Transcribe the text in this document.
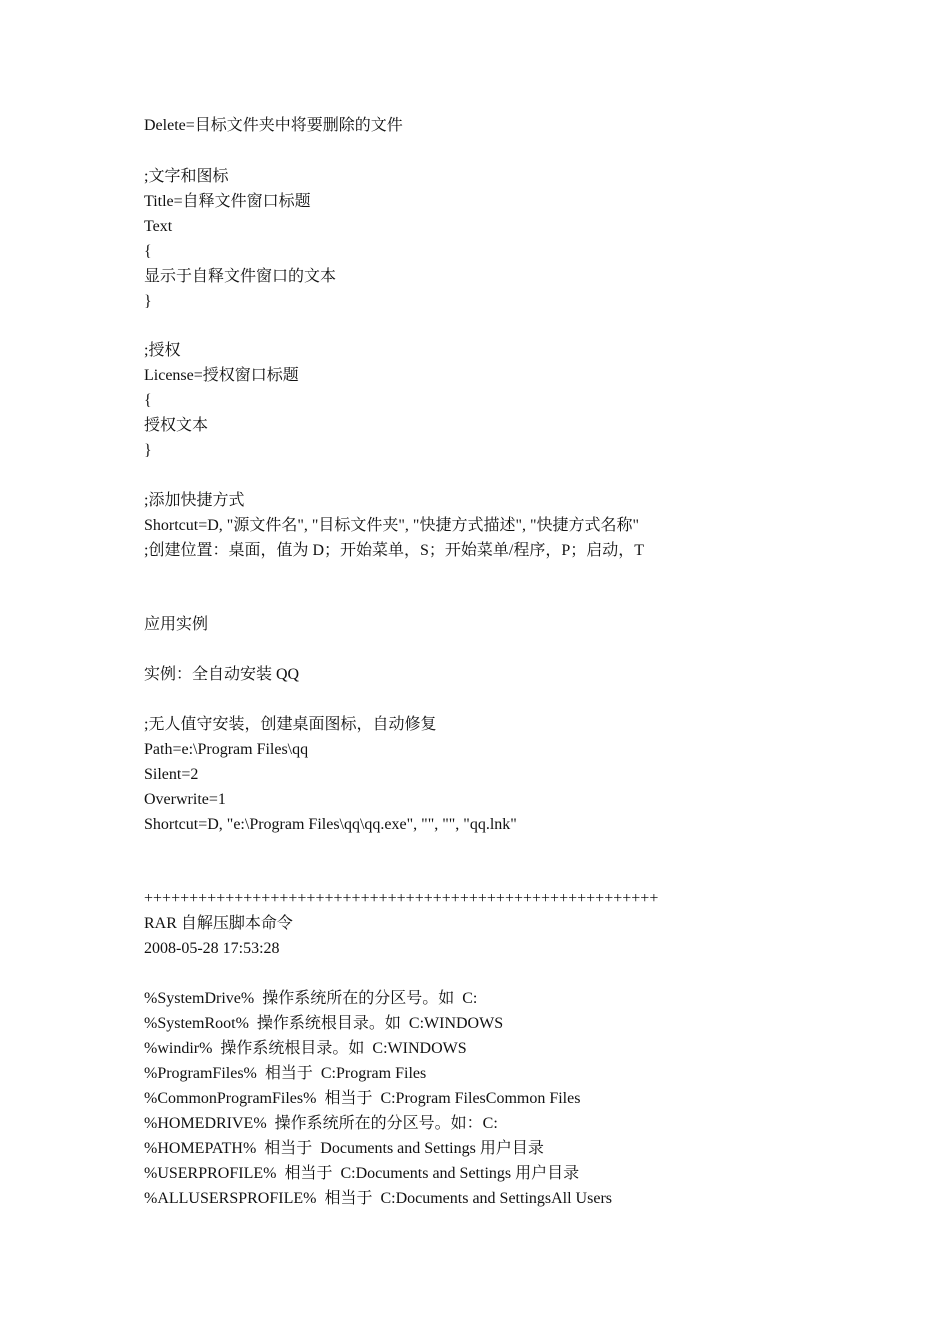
Delete=目标文件夹中将要删除的文件
;文字和图标
Title=自释文件窗口标题
Text
{
显示于自释文件窗口的文本
}
;授权
License=授权窗口标题
{
授权文本
}
;添加快捷方式
Shortcut=D, "源文件名", "目标文件夹", "快捷方式描述", "快捷方式名称"
;创建位置：桌面，值为 D；开始菜单，S；开始菜单/程序，P；启动，T
应用实例
实例：全自动安装 QQ
;无人值守安装，创建桌面图标，自动修复
Path=e:\Program Files\qq
Silent=2
Overwrite=1
Shortcut=D, "e:\Program Files\qq\qq.exe", "", "", "qq.lnk"
+++++++++++++++++++++++++++++++++++++++++++++++++++++++++
RAR 自解压脚本命令
2008-05-28 17:53:28
%SystemDrive%  操作系统所在的分区号。如  C:
%SystemRoot%  操作系统根目录。如  C:WINDOWS
%windir%  操作系统根目录。如  C:WINDOWS
%ProgramFiles%  相当于  C:Program Files
%CommonProgramFiles%  相当于  C:Program FilesCommon Files
%HOMEDRIVE%  操作系统所在的分区号。如：C:
%HOMEPATH%  相当于  Documents and Settings 用户目录
%USERPROFILE%  相当于  C:Documents and Settings 用户目录
%ALLUSERSPROFILE%  相当于  C:Documents and SettingsAll Users
